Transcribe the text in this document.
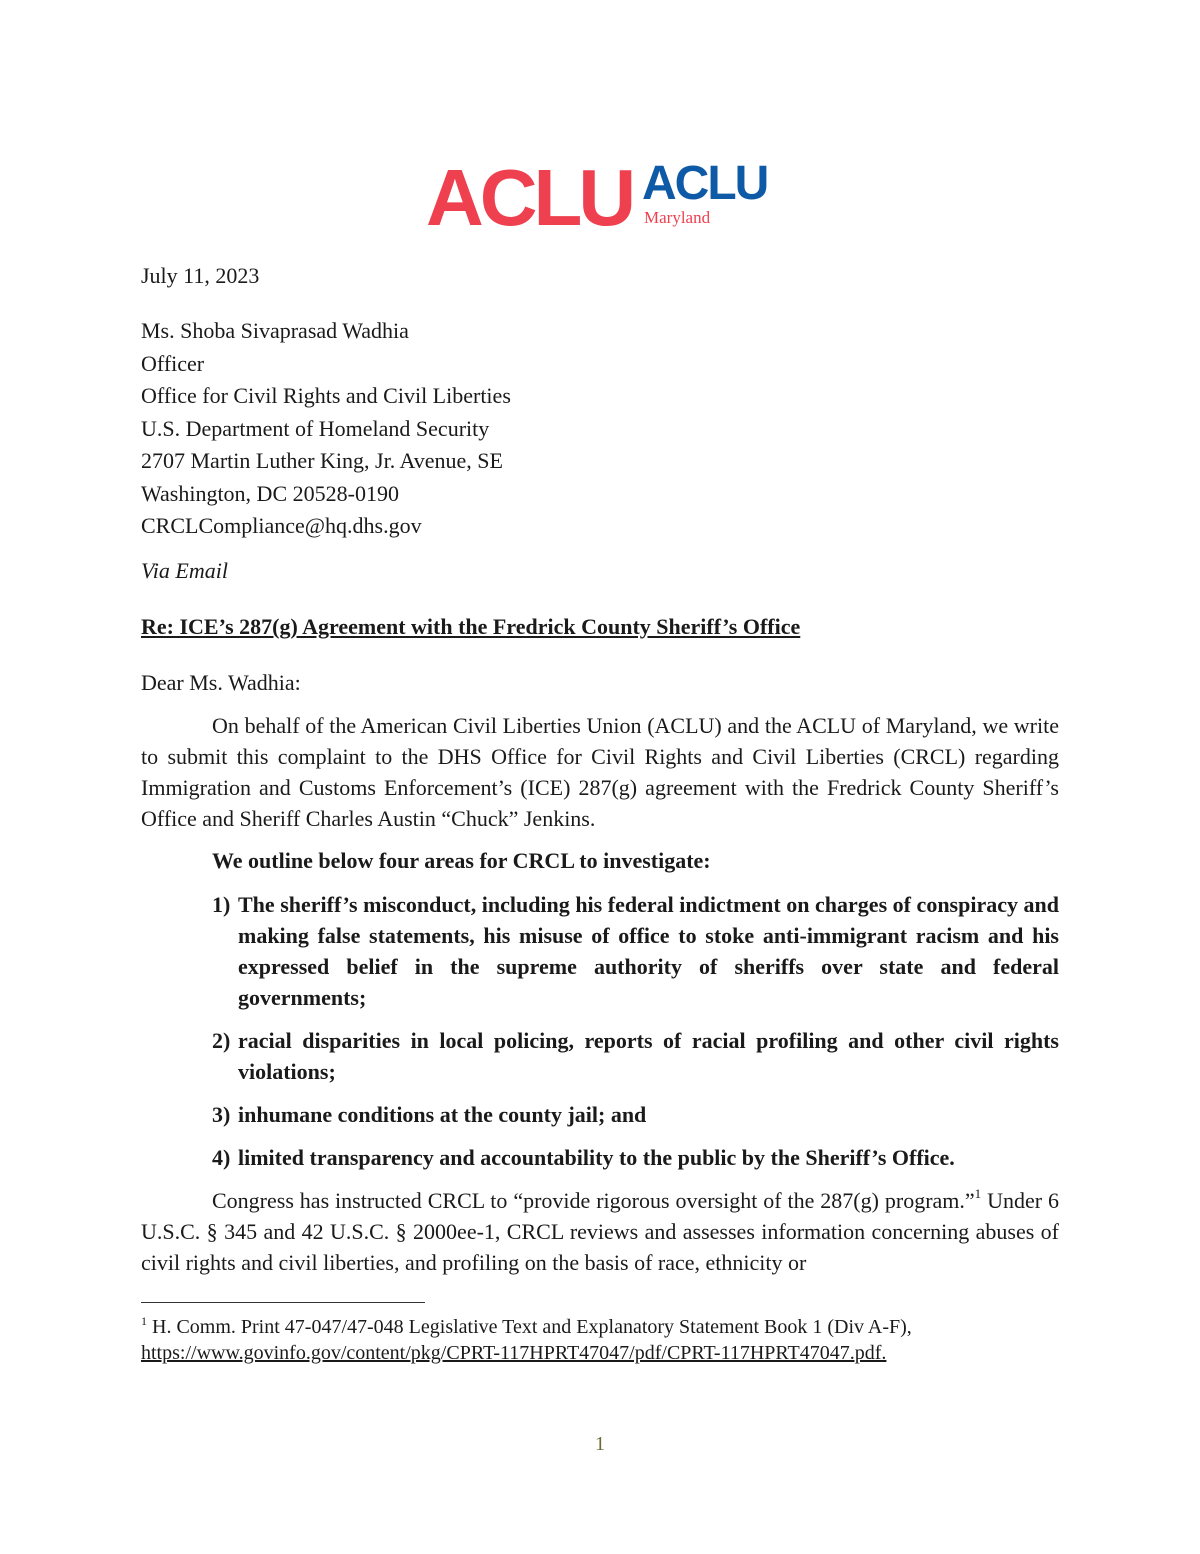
ACLU ACLU
Maryland
July 11, 2023
Ms. Shoba Sivaprasad Wadhia
Officer
Office for Civil Rights and Civil Liberties
U.S. Department of Homeland Security
2707 Martin Luther King, Jr. Avenue, SE
Washington, DC 20528-0190
CRCLCompliance@hq.dhs.gov
Via Email
Re: ICE’s 287(g) Agreement with the Fredrick County Sheriff’s Office
Dear Ms. Wadhia:
On behalf of the American Civil Liberties Union (ACLU) and the ACLU of Maryland, we write to submit this complaint to the DHS Office for Civil Rights and Civil Liberties (CRCL) regarding Immigration and Customs Enforcement’s (ICE) 287(g) agreement with the Fredrick County Sheriff’s Office and Sheriff Charles Austin “Chuck” Jenkins.
We outline below four areas for CRCL to investigate:
1) The sheriff’s misconduct, including his federal indictment on charges of conspiracy and making false statements, his misuse of office to stoke anti-immigrant racism and his expressed belief in the supreme authority of sheriffs over state and federal governments;
2) racial disparities in local policing, reports of racial profiling and other civil rights violations;
3) inhumane conditions at the county jail; and
4) limited transparency and accountability to the public by the Sheriff’s Office.
Congress has instructed CRCL to “provide rigorous oversight of the 287(g) program.”$^1$ Under 6 U.S.C. § 345 and 42 U.S.C. § 2000ee-1, CRCL reviews and assesses information concerning abuses of civil rights and civil liberties, and profiling on the basis of race, ethnicity or
$^1$ H. Comm. Print 47-047/47-048 Legislative Text and Explanatory Statement Book 1 (Div A-F),
https://www.govinfo.gov/content/pkg/CPRT-117HPRT47047/pdf/CPRT-117HPRT47047.pdf.
1
